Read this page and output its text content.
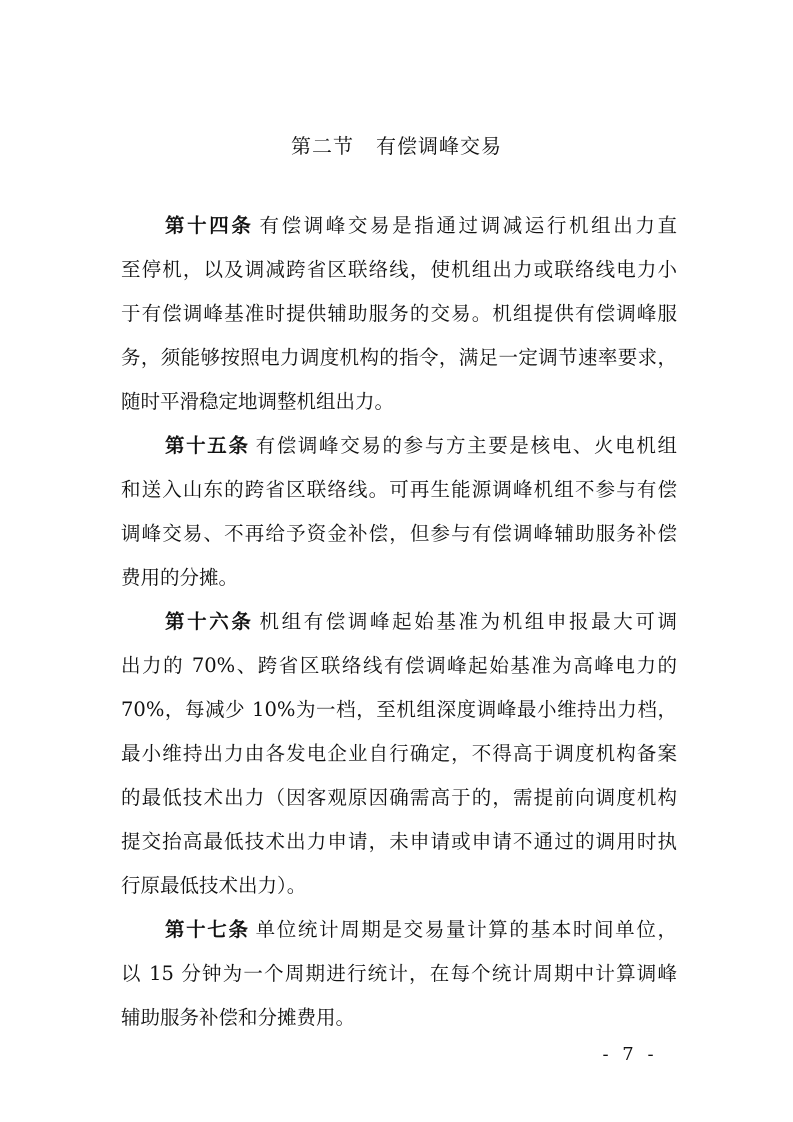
第二节 有偿调峰交易
第十四条 有偿调峰交易是指通过调减运行机组出力直
至停机，以及调减跨省区联络线，使机组出力或联络线电力小
于有偿调峰基准时提供辅助服务的交易。机组提供有偿调峰服
务，须能够按照电力调度机构的指令，满足一定调节速率要求，
随时平滑稳定地调整机组出力。
第十五条 有偿调峰交易的参与方主要是核电、火电机组
和送入山东的跨省区联络线。可再生能源调峰机组不参与有偿
调峰交易、不再给予资金补偿，但参与有偿调峰辅助服务补偿
费用的分摊。
第十六条 机组有偿调峰起始基准为机组申报最大可调
出力的 70%、跨省区联络线有偿调峰起始基准为高峰电力的
70%，每减少 10%为一档，至机组深度调峰最小维持出力档，
最小维持出力由各发电企业自行确定，不得高于调度机构备案
的最低技术出力（因客观原因确需高于的，需提前向调度机构
提交抬高最低技术出力申请，未申请或申请不通过的调用时执
行原最低技术出力）。
第十七条 单位统计周期是交易量计算的基本时间单位，
以 15 分钟为一个周期进行统计，在每个统计周期中计算调峰
辅助服务补偿和分摊费用。
- 7 -
